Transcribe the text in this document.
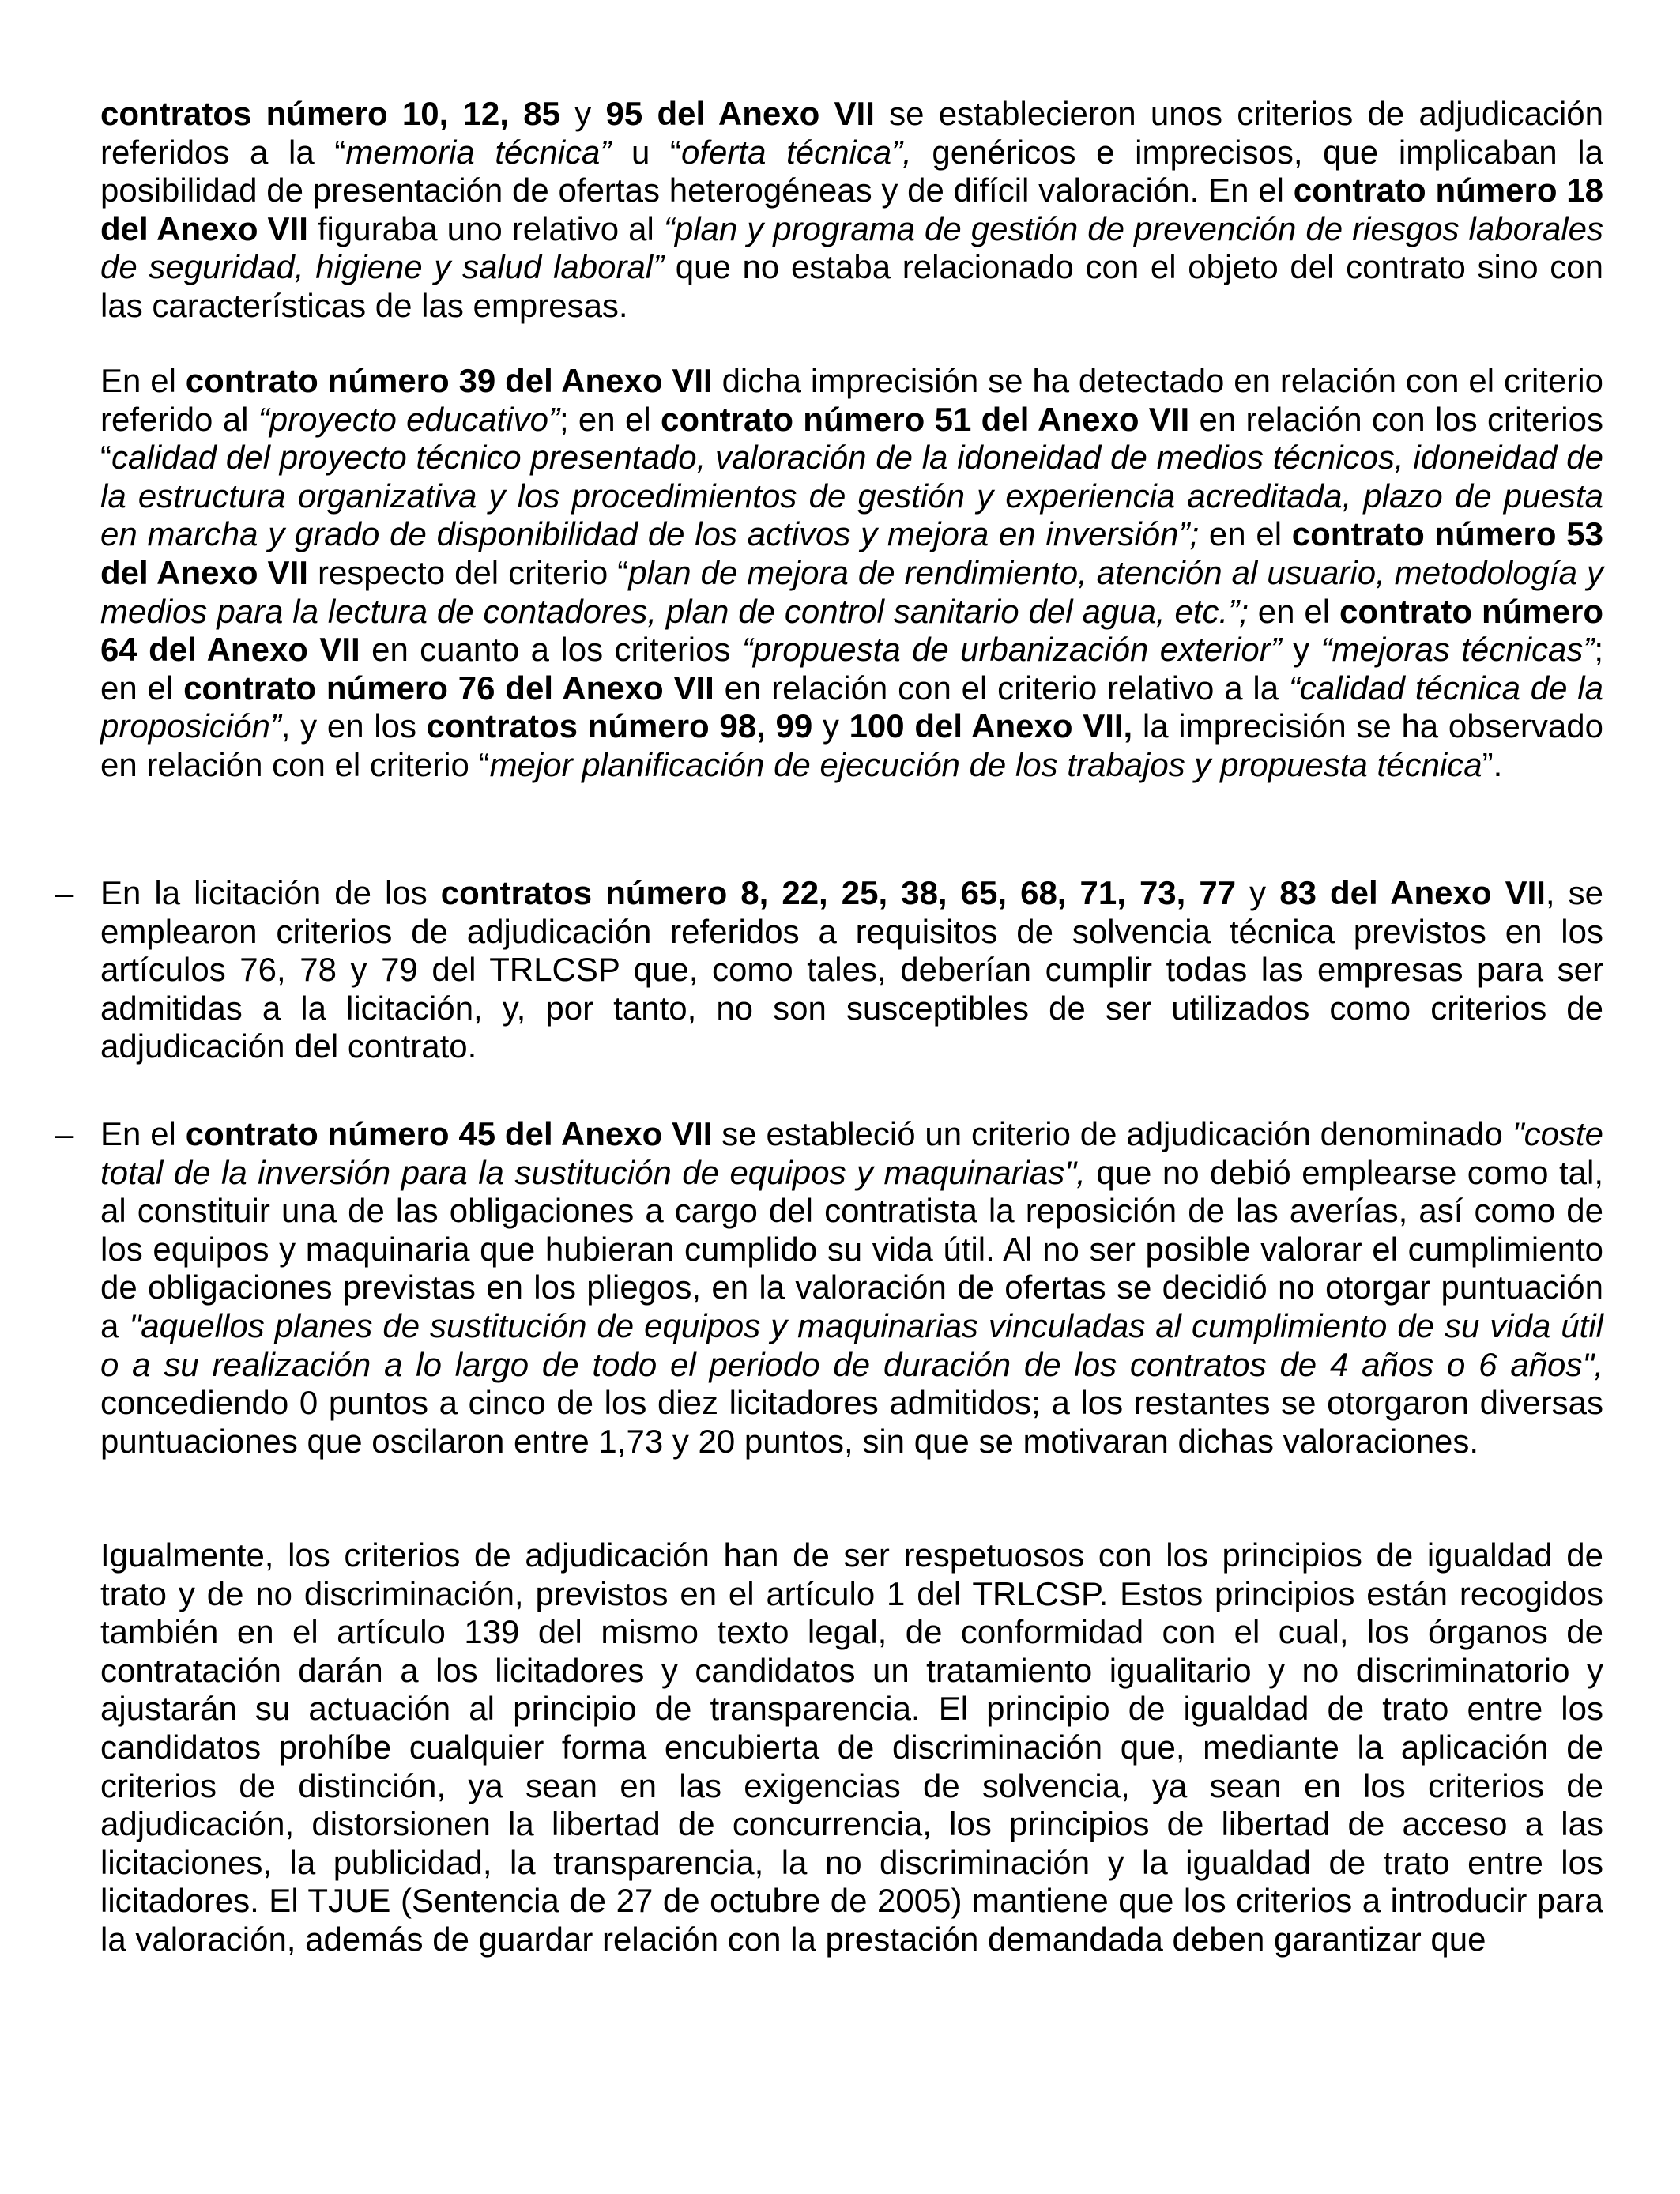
contratos número 10, 12, 85 y 95 del Anexo VII se establecieron unos criterios de adjudicación referidos a la “memoria técnica” u “oferta técnica”, genéricos e imprecisos, que implicaban la posibilidad de presentación de ofertas heterogéneas y de difícil valoración. En el contrato número 18 del Anexo VII figuraba uno relativo al “plan y programa de gestión de prevención de riesgos laborales de seguridad, higiene y salud laboral” que no estaba relacionado con el objeto del contrato sino con las características de las empresas.

En el contrato número 39 del Anexo VII dicha imprecisión se ha detectado en relación con el criterio referido al “proyecto educativo”; en el contrato número 51 del Anexo VII en relación con los criterios “calidad del proyecto técnico presentado, valoración de la idoneidad de medios técnicos, idoneidad de la estructura organizativa y los procedimientos de gestión y experiencia acreditada, plazo de puesta en marcha y grado de disponibilidad de los activos y mejora en inversión”; en el contrato número 53 del Anexo VII respecto del criterio “plan de mejora de rendimiento, atención al usuario, metodología y medios para la lectura de contadores, plan de control sanitario del agua, etc.”; en el contrato número 64 del Anexo VII en cuanto a los criterios “propuesta de urbanización exterior” y “mejoras técnicas”; en el contrato número 76 del Anexo VII en relación con el criterio relativo a la “calidad técnica de la proposición”, y en los contratos número 98, 99 y 100 del Anexo VII, la imprecisión se ha observado en relación con el criterio “mejor planificación de ejecución de los trabajos y propuesta técnica”.

– En la licitación de los contratos número 8, 22, 25, 38, 65, 68, 71, 73, 77 y 83 del Anexo VII, se emplearon criterios de adjudicación referidos a requisitos de solvencia técnica previstos en los artículos 76, 78 y 79 del TRLCSP que, como tales, deberían cumplir todas las empresas para ser admitidas a la licitación, y, por tanto, no son susceptibles de ser utilizados como criterios de adjudicación del contrato.

– En el contrato número 45 del Anexo VII se estableció un criterio de adjudicación denominado "coste total de la inversión para la sustitución de equipos y maquinarias", que no debió emplearse como tal, al constituir una de las obligaciones a cargo del contratista la reposición de las averías, así como de los equipos y maquinaria que hubieran cumplido su vida útil. Al no ser posible valorar el cumplimiento de obligaciones previstas en los pliegos, en la valoración de ofertas se decidió no otorgar puntuación a "aquellos planes de sustitución de equipos y maquinarias vinculadas al cumplimiento de su vida útil o a su realización a lo largo de todo el periodo de duración de los contratos de 4 años o 6 años", concediendo 0 puntos a cinco de los diez licitadores admitidos; a los restantes se otorgaron diversas puntuaciones que oscilaron entre 1,73 y 20 puntos, sin que se motivaran dichas valoraciones.

Igualmente, los criterios de adjudicación han de ser respetuosos con los principios de igualdad de trato y de no discriminación, previstos en el artículo 1 del TRLCSP. Estos principios están recogidos también en el artículo 139 del mismo texto legal, de conformidad con el cual, los órganos de contratación darán a los licitadores y candidatos un tratamiento igualitario y no discriminatorio y ajustarán su actuación al principio de transparencia. El principio de igualdad de trato entre los candidatos prohíbe cualquier forma encubierta de discriminación que, mediante la aplicación de criterios de distinción, ya sean en las exigencias de solvencia, ya sean en los criterios de adjudicación, distorsionen la libertad de concurrencia, los principios de libertad de acceso a las licitaciones, la publicidad, la transparencia, la no discriminación y la igualdad de trato entre los licitadores. El TJUE (Sentencia de 27 de octubre de 2005) mantiene que los criterios a introducir para la valoración, además de guardar relación con la prestación demandada deben garantizar que
